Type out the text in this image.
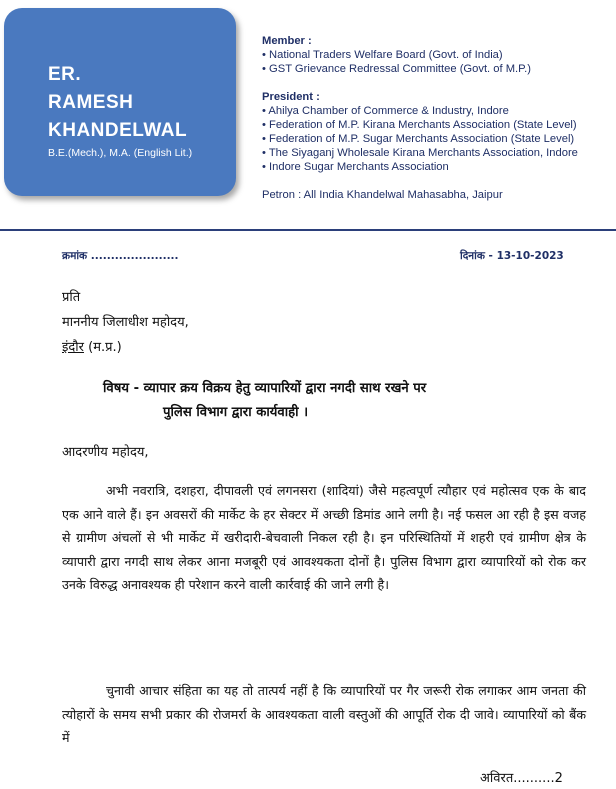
ER.
RAMESH
KHANDELWAL
B.E.(Mech.), M.A. (English Lit.)
Member :
• National Traders Welfare Board (Govt. of India)
• GST Grievance Redressal Committee (Govt. of M.P.)
President :
• Ahilya Chamber of Commerce & Industry, Indore
• Federation of M.P. Kirana Merchants Association (State Level)
• Federation of M.P. Sugar Merchants Association (State Level)
• The Siyaganj Wholesale Kirana Merchants Association, Indore
• Indore Sugar Merchants Association
Petron : All India Khandelwal Mahasabha, Jaipur
क्रमांक ......................	दिनांक - 13-10-2023
प्रति
माननीय जिलाधीश महोदय,
इंदौर (म.प्र.)
विषय - व्यापार क्रय विक्रय हेतु व्यापारियों द्वारा नगदी साथ रखने पर
पुलिस विभाग द्वारा कार्यवाही ।
आदरणीय महोदय,
अभी नवरात्रि, दशहरा, दीपावली एवं लगनसरा (शादियां) जैसे महत्वपूर्ण त्यौहार एवं महोत्सव एक के बाद एक आने वाले हैं। इन अवसरों की मार्केट के हर सेक्टर में अच्छी डिमांड आने लगी है। नई फसल आ रही है इस वजह से ग्रामीण अंचलों से भी मार्केट में खरीदारी-बेचवाली निकल रही है। इन परिस्थितियों में शहरी एवं ग्रामीण क्षेत्र के व्यापारी द्वारा नगदी साथ लेकर आना मजबूरी एवं आवश्यकता दोनों है। पुलिस विभाग द्वारा व्यापारियों को रोक कर उनके विरुद्ध अनावश्यक ही परेशान करने वाली कार्रवाई की जाने लगी है।
चुनावी आचार संहिता का यह तो तात्पर्य नहीं है कि व्यापारियों पर गैर जरूरी रोक लगाकर आम जनता की त्योहारों के समय सभी प्रकार की रोजमर्रा के आवश्यकता वाली वस्तुओं की आपूर्ति रोक दी जावे। व्यापारियों को बैंक में
अविरत..........2
